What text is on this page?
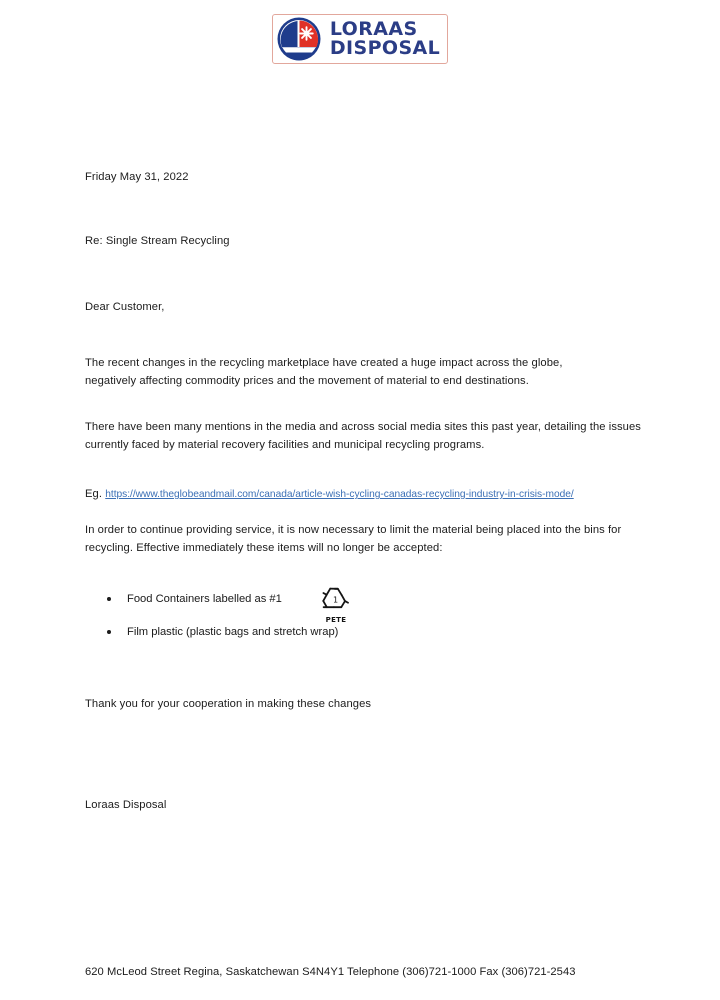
LORAAS
DISPOSAL
Friday May 31, 2022
Re: Single Stream Recycling
Dear Customer,
The recent changes in the recycling marketplace have created a huge impact across the globe, negatively affecting commodity prices and the movement of material to end destinations.
There have been many mentions in the media and across social media sites this past year, detailing the issues currently faced by material recovery facilities and municipal recycling programs.
Eg. https://www.theglobeandmail.com/canada/article-wish-cycling-canadas-recycling-industry-in-crisis-mode/
In order to continue providing service, it is now necessary to limit the material being placed into the bins for recycling. Effective immediately these items will no longer be accepted:
Food Containers labelled as #1
Film plastic (plastic bags and stretch wrap)
1
PETE
Thank you for your cooperation in making these changes
Loraas Disposal
620 McLeod Street Regina, Saskatchewan S4N4Y1 Telephone (306)721-1000 Fax (306)721-2543
